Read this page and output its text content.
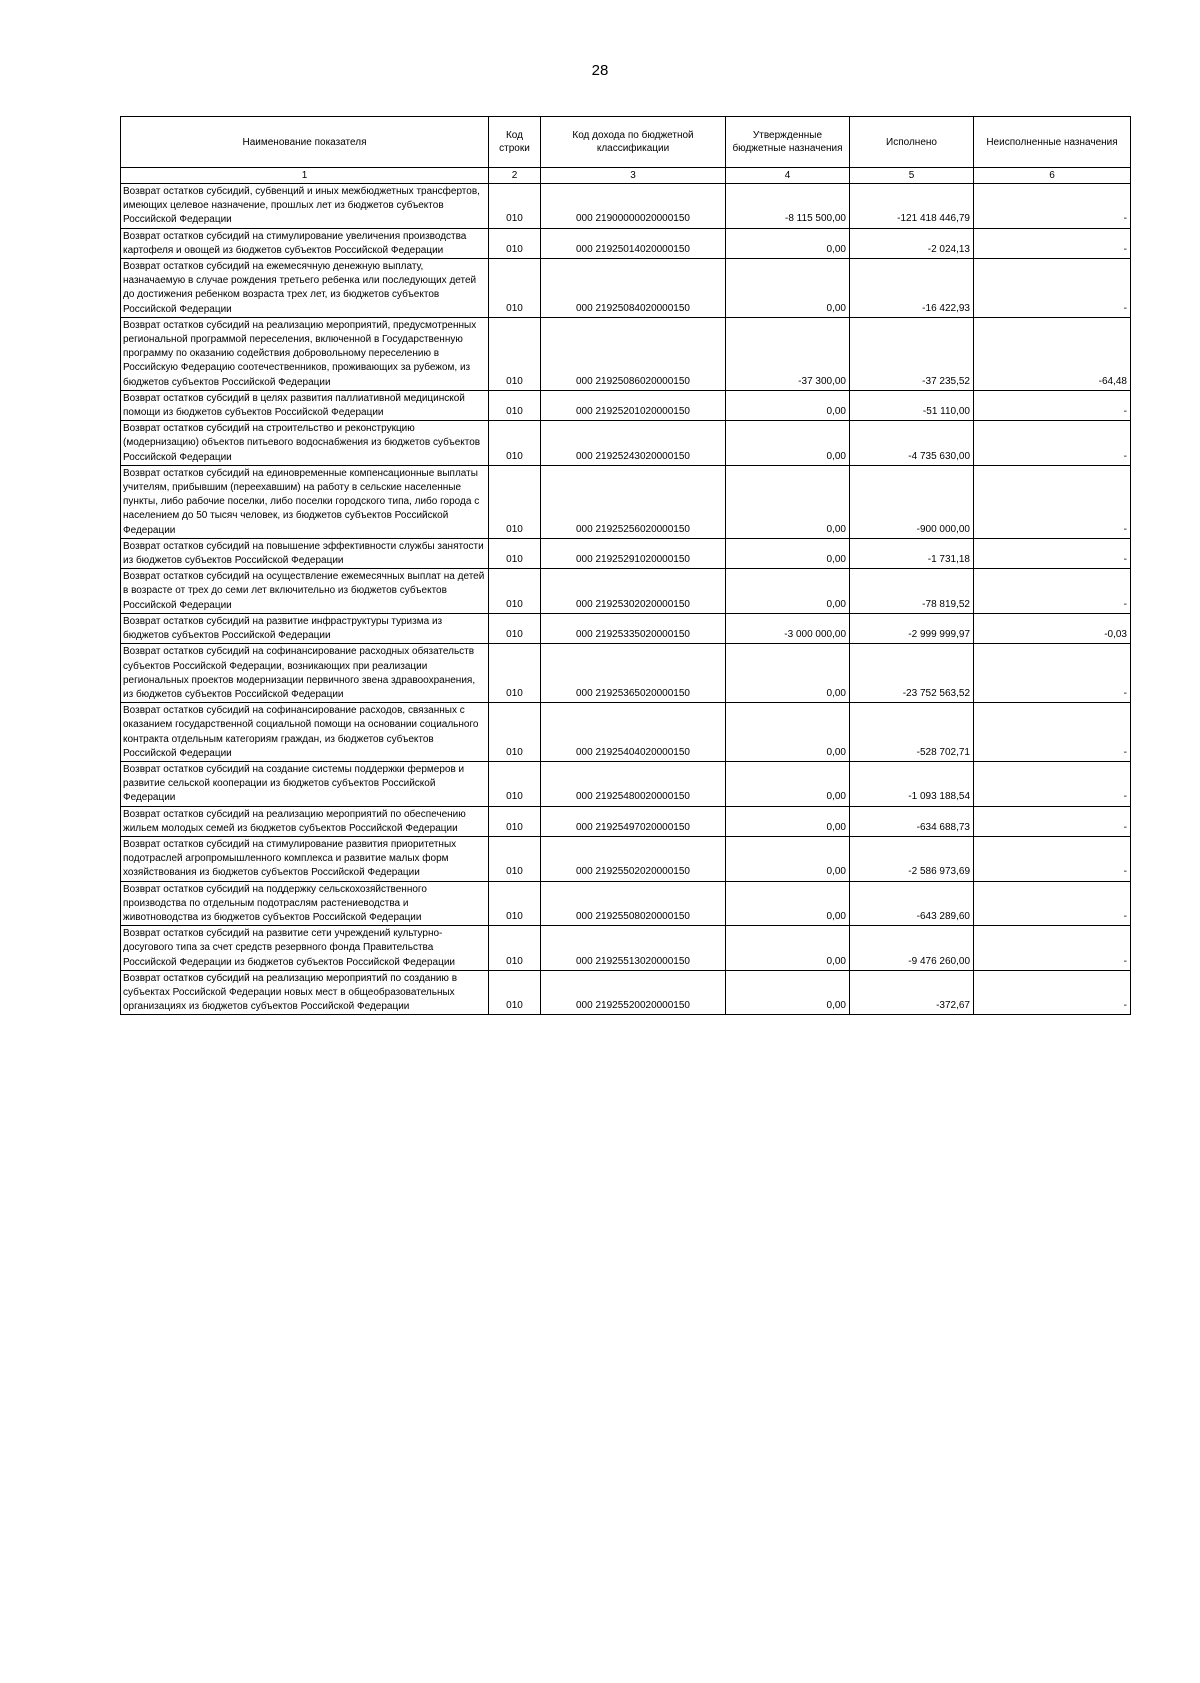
28
Наименование показателя	Код строки	Код дохода по бюджетной классификации	Утвержденные бюджетные назначения	Исполнено	Неисполненные назначения
1	2	3	4	5	6
Возврат остатков субсидий, субвенций и иных межбюджетных трансфертов, имеющих целевое назначение, прошлых лет из бюджетов субъектов Российской Федерации	010	000 21900000020000150	-8 115 500,00	-121 418 446,79	-
Возврат остатков субсидий на стимулирование увеличения производства картофеля и овощей из бюджетов субъектов Российской Федерации	010	000 21925014020000150	0,00	-2 024,13	-
Возврат остатков субсидий на ежемесячную денежную выплату, назначаемую в случае рождения третьего ребенка или последующих детей до достижения ребенком возраста трех лет, из бюджетов субъектов Российской Федерации	010	000 21925084020000150	0,00	-16 422,93	-
Возврат остатков субсидий на реализацию мероприятий, предусмотренных региональной программой переселения, включенной в Государственную программу по оказанию содействия добровольному переселению в Российскую Федерацию соотечественников, проживающих за рубежом, из бюджетов субъектов Российской Федерации	010	000 21925086020000150	-37 300,00	-37 235,52	-64,48
Возврат остатков субсидий в целях развития паллиативной медицинской помощи из бюджетов субъектов Российской Федерации	010	000 21925201020000150	0,00	-51 110,00	-
Возврат остатков субсидий на строительство и реконструкцию (модернизацию) объектов питьевого водоснабжения из бюджетов субъектов Российской Федерации	010	000 21925243020000150	0,00	-4 735 630,00	-
Возврат остатков субсидий на единовременные компенсационные выплаты учителям, прибывшим (переехавшим) на работу в сельские населенные пункты, либо рабочие поселки, либо поселки городского типа, либо города с населением до 50 тысяч человек, из бюджетов субъектов Российской Федерации	010	000 21925256020000150	0,00	-900 000,00	-
Возврат остатков субсидий на повышение эффективности службы занятости из бюджетов субъектов Российской Федерации	010	000 21925291020000150	0,00	-1 731,18	-
Возврат остатков субсидий на осуществление ежемесячных выплат на детей в возрасте от трех до семи лет включительно из бюджетов субъектов Российской Федерации	010	000 21925302020000150	0,00	-78 819,52	-
Возврат остатков субсидий на развитие инфраструктуры туризма из бюджетов субъектов Российской Федерации	010	000 21925335020000150	-3 000 000,00	-2 999 999,97	-0,03
Возврат остатков субсидий на софинансирование расходных обязательств субъектов Российской Федерации, возникающих при реализации региональных проектов модернизации первичного звена здравоохранения, из бюджетов субъектов Российской Федерации	010	000 21925365020000150	0,00	-23 752 563,52	-
Возврат остатков субсидий на софинансирование расходов, связанных с оказанием государственной социальной помощи на основании социального контракта отдельным категориям граждан, из бюджетов субъектов Российской Федерации	010	000 21925404020000150	0,00	-528 702,71	-
Возврат остатков субсидий на создание системы поддержки фермеров и развитие сельской кооперации из бюджетов субъектов Российской Федерации	010	000 21925480020000150	0,00	-1 093 188,54	-
Возврат остатков субсидий на реализацию мероприятий по обеспечению жильем молодых семей из бюджетов субъектов Российской Федерации	010	000 21925497020000150	0,00	-634 688,73	-
Возврат остатков субсидий на стимулирование развития приоритетных подотраслей агропромышленного комплекса и развитие малых форм хозяйствования из бюджетов субъектов Российской Федерации	010	000 21925502020000150	0,00	-2 586 973,69	-
Возврат остатков субсидий на поддержку сельскохозяйственного производства по отдельным подотраслям растениеводства и животноводства из бюджетов субъектов Российской Федерации	010	000 21925508020000150	0,00	-643 289,60	-
Возврат остатков субсидий на развитие сети учреждений культурно-досугового типа за счет средств резервного фонда Правительства Российской Федерации из бюджетов субъектов Российской Федерации	010	000 21925513020000150	0,00	-9 476 260,00	-
Возврат остатков субсидий на реализацию мероприятий по созданию в субъектах Российской Федерации новых мест в общеобразовательных организациях из бюджетов субъектов Российской Федерации	010	000 21925520020000150	0,00	-372,67	-
